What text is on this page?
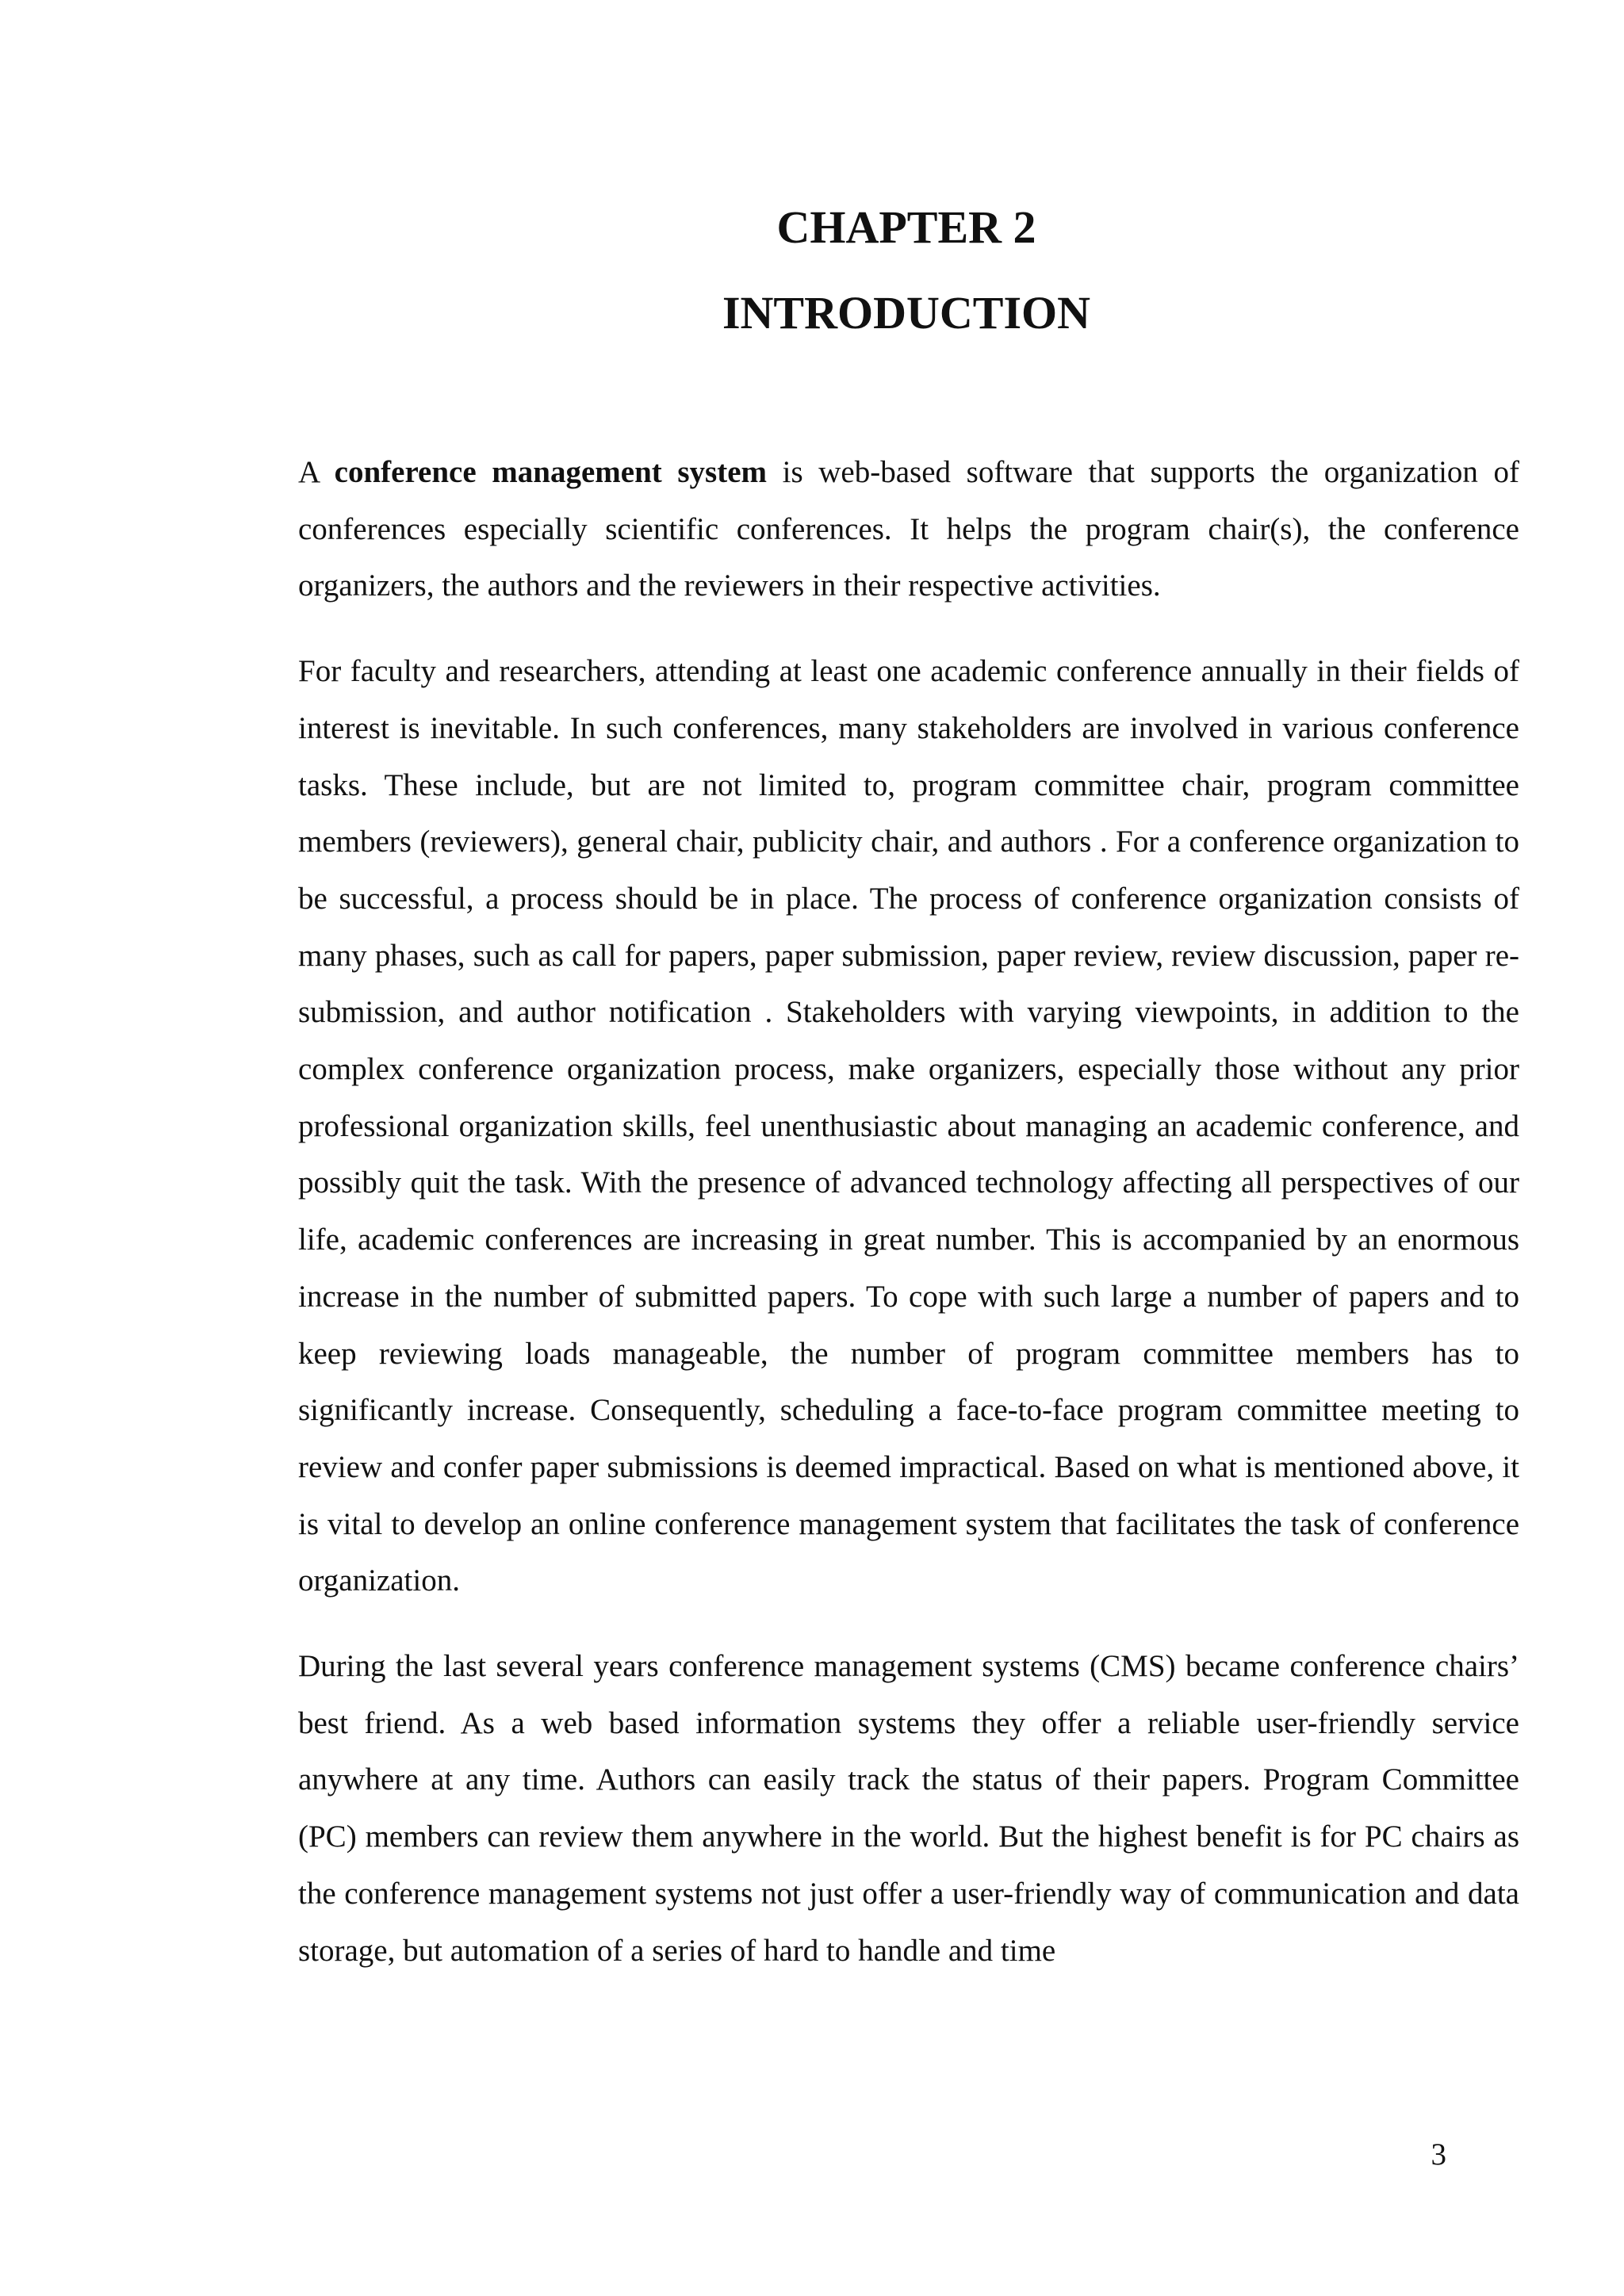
CHAPTER 2
INTRODUCTION

A conference management system is web-based software that supports the organization of conferences especially scientific conferences. It helps the program chair(s), the conference organizers, the authors and the reviewers in their respective activities.

For faculty and researchers, attending at least one academic conference annually in their fields of interest is inevitable. In such conferences, many stakeholders are involved in various conference tasks. These include, but are not limited to, program committee chair, program committee members (reviewers), general chair, publicity chair, and authors . For a conference organization to be successful, a process should be in place. The process of conference organization consists of many phases, such as call for papers, paper submission, paper review, review discussion, paper re-submission, and author notification . Stakeholders with varying viewpoints, in addition to the complex conference organization process, make organizers, especially those without any prior professional organization skills, feel unenthusiastic about managing an academic conference, and possibly quit the task. With the presence of advanced technology affecting all perspectives of our life, academic conferences are increasing in great number. This is accompanied by an enormous increase in the number of submitted papers. To cope with such large a number of papers and to keep reviewing loads manageable, the number of program committee members has to significantly increase. Consequently, scheduling a face-to-face program committee meeting to review and confer paper submissions is deemed impractical. Based on what is mentioned above, it is vital to develop an online conference management system that facilitates the task of conference organization.

During the last several years conference management systems (CMS) became conference chairs’ best friend. As a web based information systems they offer a reliable user-friendly service anywhere at any time. Authors can easily track the status of their papers. Program Committee (PC) members can review them anywhere in the world. But the highest benefit is for PC chairs as the conference management systems not just offer a user-friendly way of communication and data storage, but automation of a series of hard to handle and time

3
